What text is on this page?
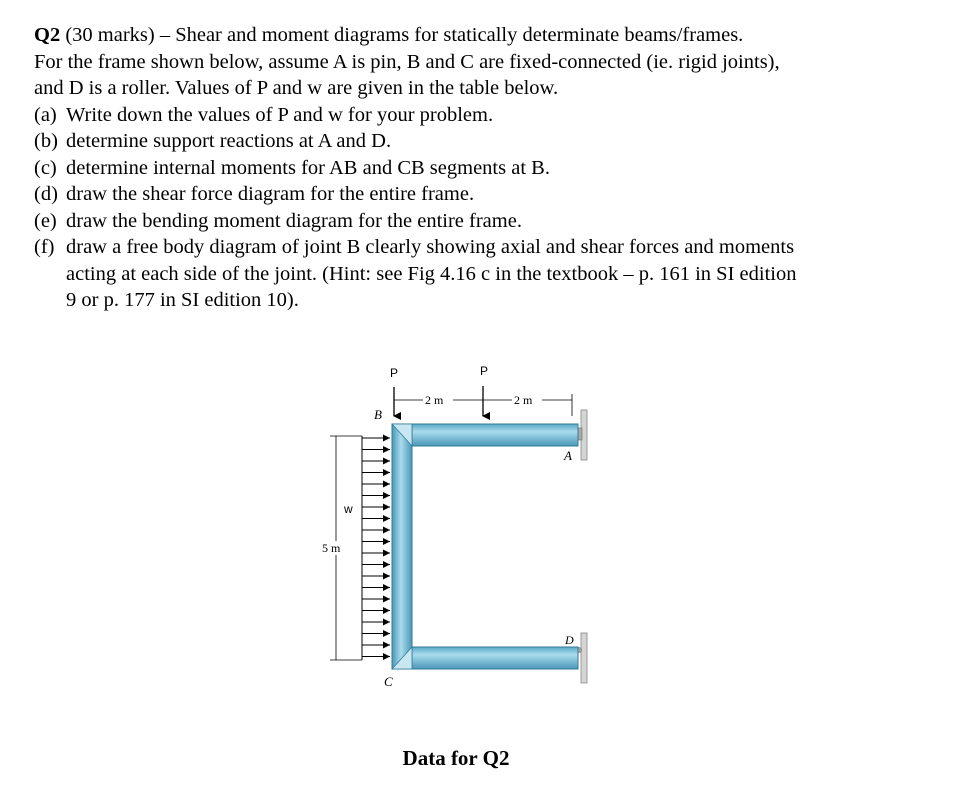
Q2 (30 marks) – Shear and moment diagrams for statically determinate beams/frames.

For the frame shown below, assume A is pin, B and C are fixed-connected (ie. rigid joints),

and D is a roller. Values of P and w are given in the table below.

(a) Write down the values of P and w for your problem.
(b) determine support reactions at A and D.
(c) determine internal moments for AB and CB segments at B.
(d) draw the shear force diagram for the entire frame.
(e) draw the bending moment diagram for the entire frame.
(f) draw a free body diagram of joint B clearly showing axial and shear forces and moments
acting at each side of the joint. (Hint: see Fig 4.16 c in the textbook – p. 161 in SI edition
9 or p. 177 in SI edition 10).
P	P
2 m	2 m
B
A
C
D
w
5 m
Data for Q2
